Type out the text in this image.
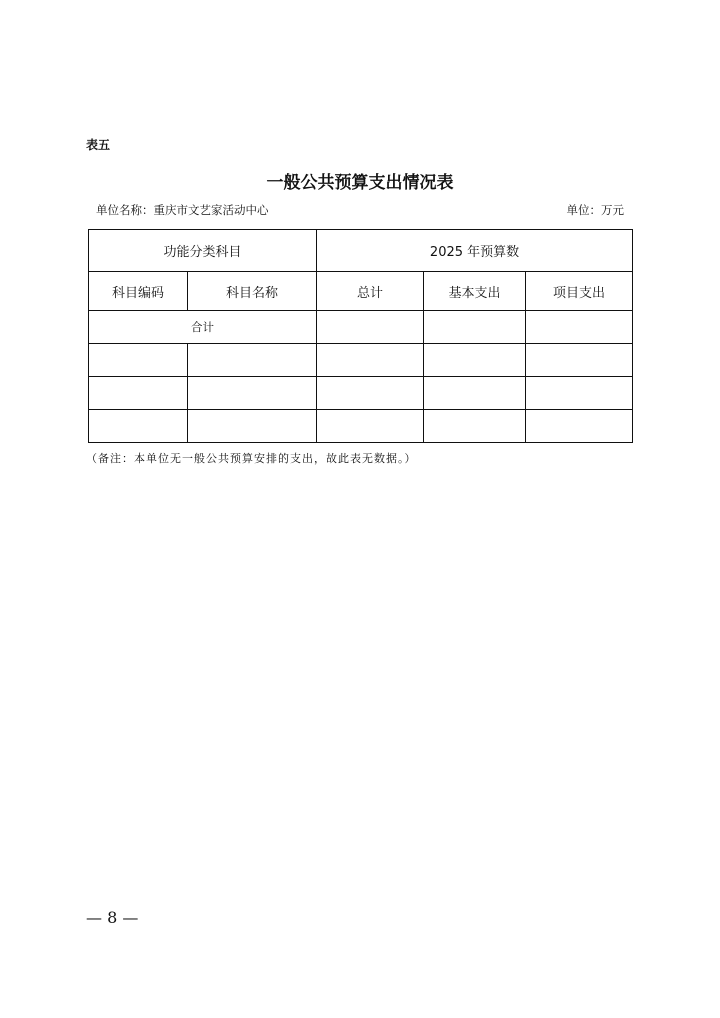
表五
一般公共预算支出情况表
单位名称：重庆市文艺家活动中心	单位：万元
功能分类科目		2025 年预算数		
科目编码	科目名称	总计	基本支出	项目支出
合计				

（备注：本单位无一般公共预算安排的支出，故此表无数据。）
— 8 —
